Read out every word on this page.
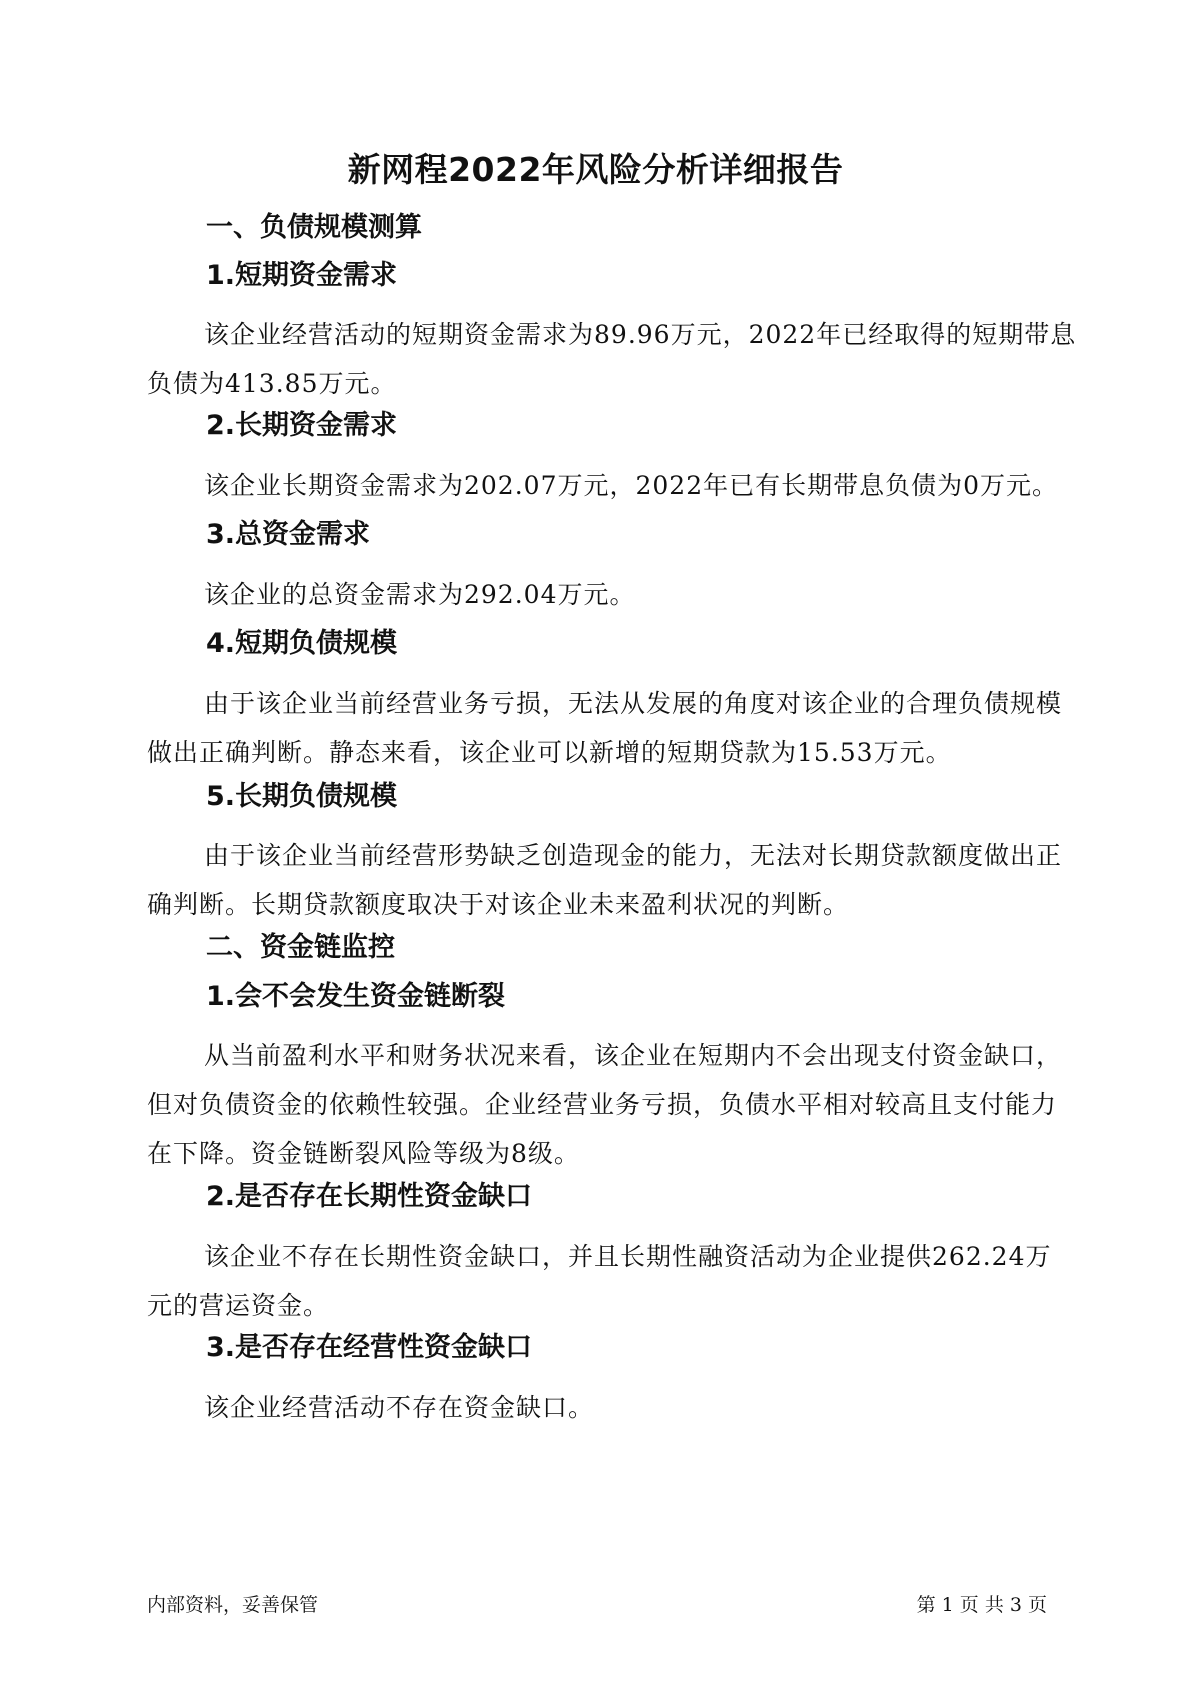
新网程2022年风险分析详细报告
一、负债规模测算
1.短期资金需求

该企业经营活动的短期资金需求为89.96万元，2022年已经取得的短期带息负债为413.85万元。

2.长期资金需求

该企业长期资金需求为202.07万元，2022年已有长期带息负债为0万元。

3.总资金需求

该企业的总资金需求为292.04万元。

4.短期负债规模

由于该企业当前经营业务亏损，无法从发展的角度对该企业的合理负债规模做出正确判断。静态来看，该企业可以新增的短期贷款为15.53万元。

5.长期负债规模

由于该企业当前经营形势缺乏创造现金的能力，无法对长期贷款额度做出正确判断。长期贷款额度取决于对该企业未来盈利状况的判断。

二、资金链监控
1.会不会发生资金链断裂

从当前盈利水平和财务状况来看，该企业在短期内不会出现支付资金缺口，但对负债资金的依赖性较强。企业经营业务亏损，负债水平相对较高且支付能力在下降。资金链断裂风险等级为8级。

2.是否存在长期性资金缺口

该企业不存在长期性资金缺口，并且长期性融资活动为企业提供262.24万元的营运资金。

3.是否存在经营性资金缺口

该企业经营活动不存在资金缺口。

内部资料，妥善保管	第 1 页 共 3 页
